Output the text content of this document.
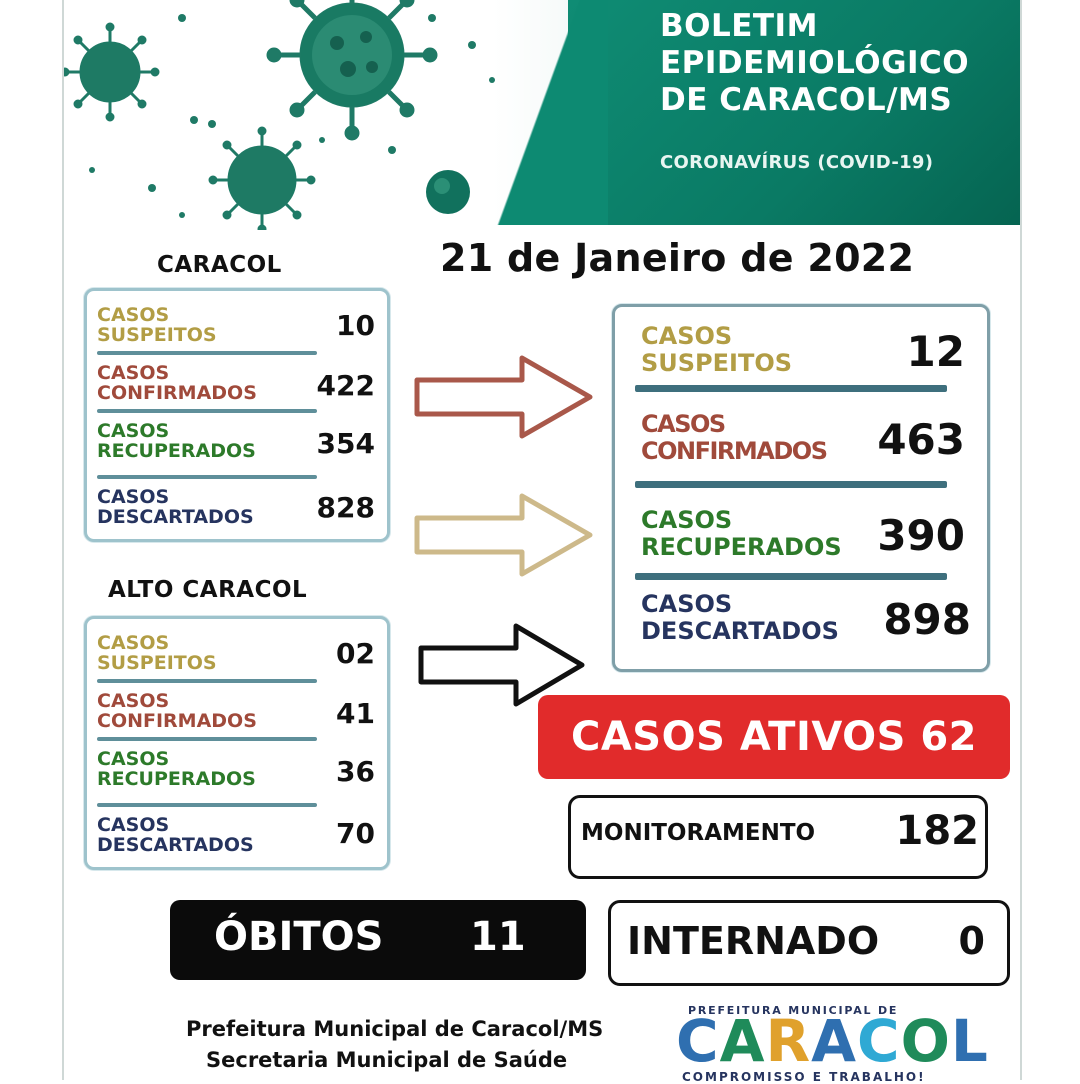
BOLETIM
EPIDEMIOLÓGICO
DE CARACOL/MS
CORONAVÍRUS (COVID-19)
21 de Janeiro de 2022
CARACOL
CASOS
SUSPEITOS	10
CASOS
CONFIRMADOS 422
CASOS
RECUPERADOS 354
CASOS
DESCARTADOS 828
ALTO CARACOL
CASOS
SUSPEITOS	02
CASOS
CONFIRMADOS	41
CASOS
RECUPERADOS	36
CASOS
DESCARTADOS	70
CASOS
SUSPEITOS	12
CASOS
CONFIRMADOS 463
CASOS
RECUPERADOS 390
CASOS
DESCARTADOS 898
CASOS ATIVOS 62
MONITORAMENTO 182
ÓBITOS 11	INTERNADO 0
Prefeitura Municipal de Caracol/MS
Secretaria Municipal de Saúde
PREFEITURA MUNICIPAL DE
CARACOL
COMPROMISSO E TRABALHO!
